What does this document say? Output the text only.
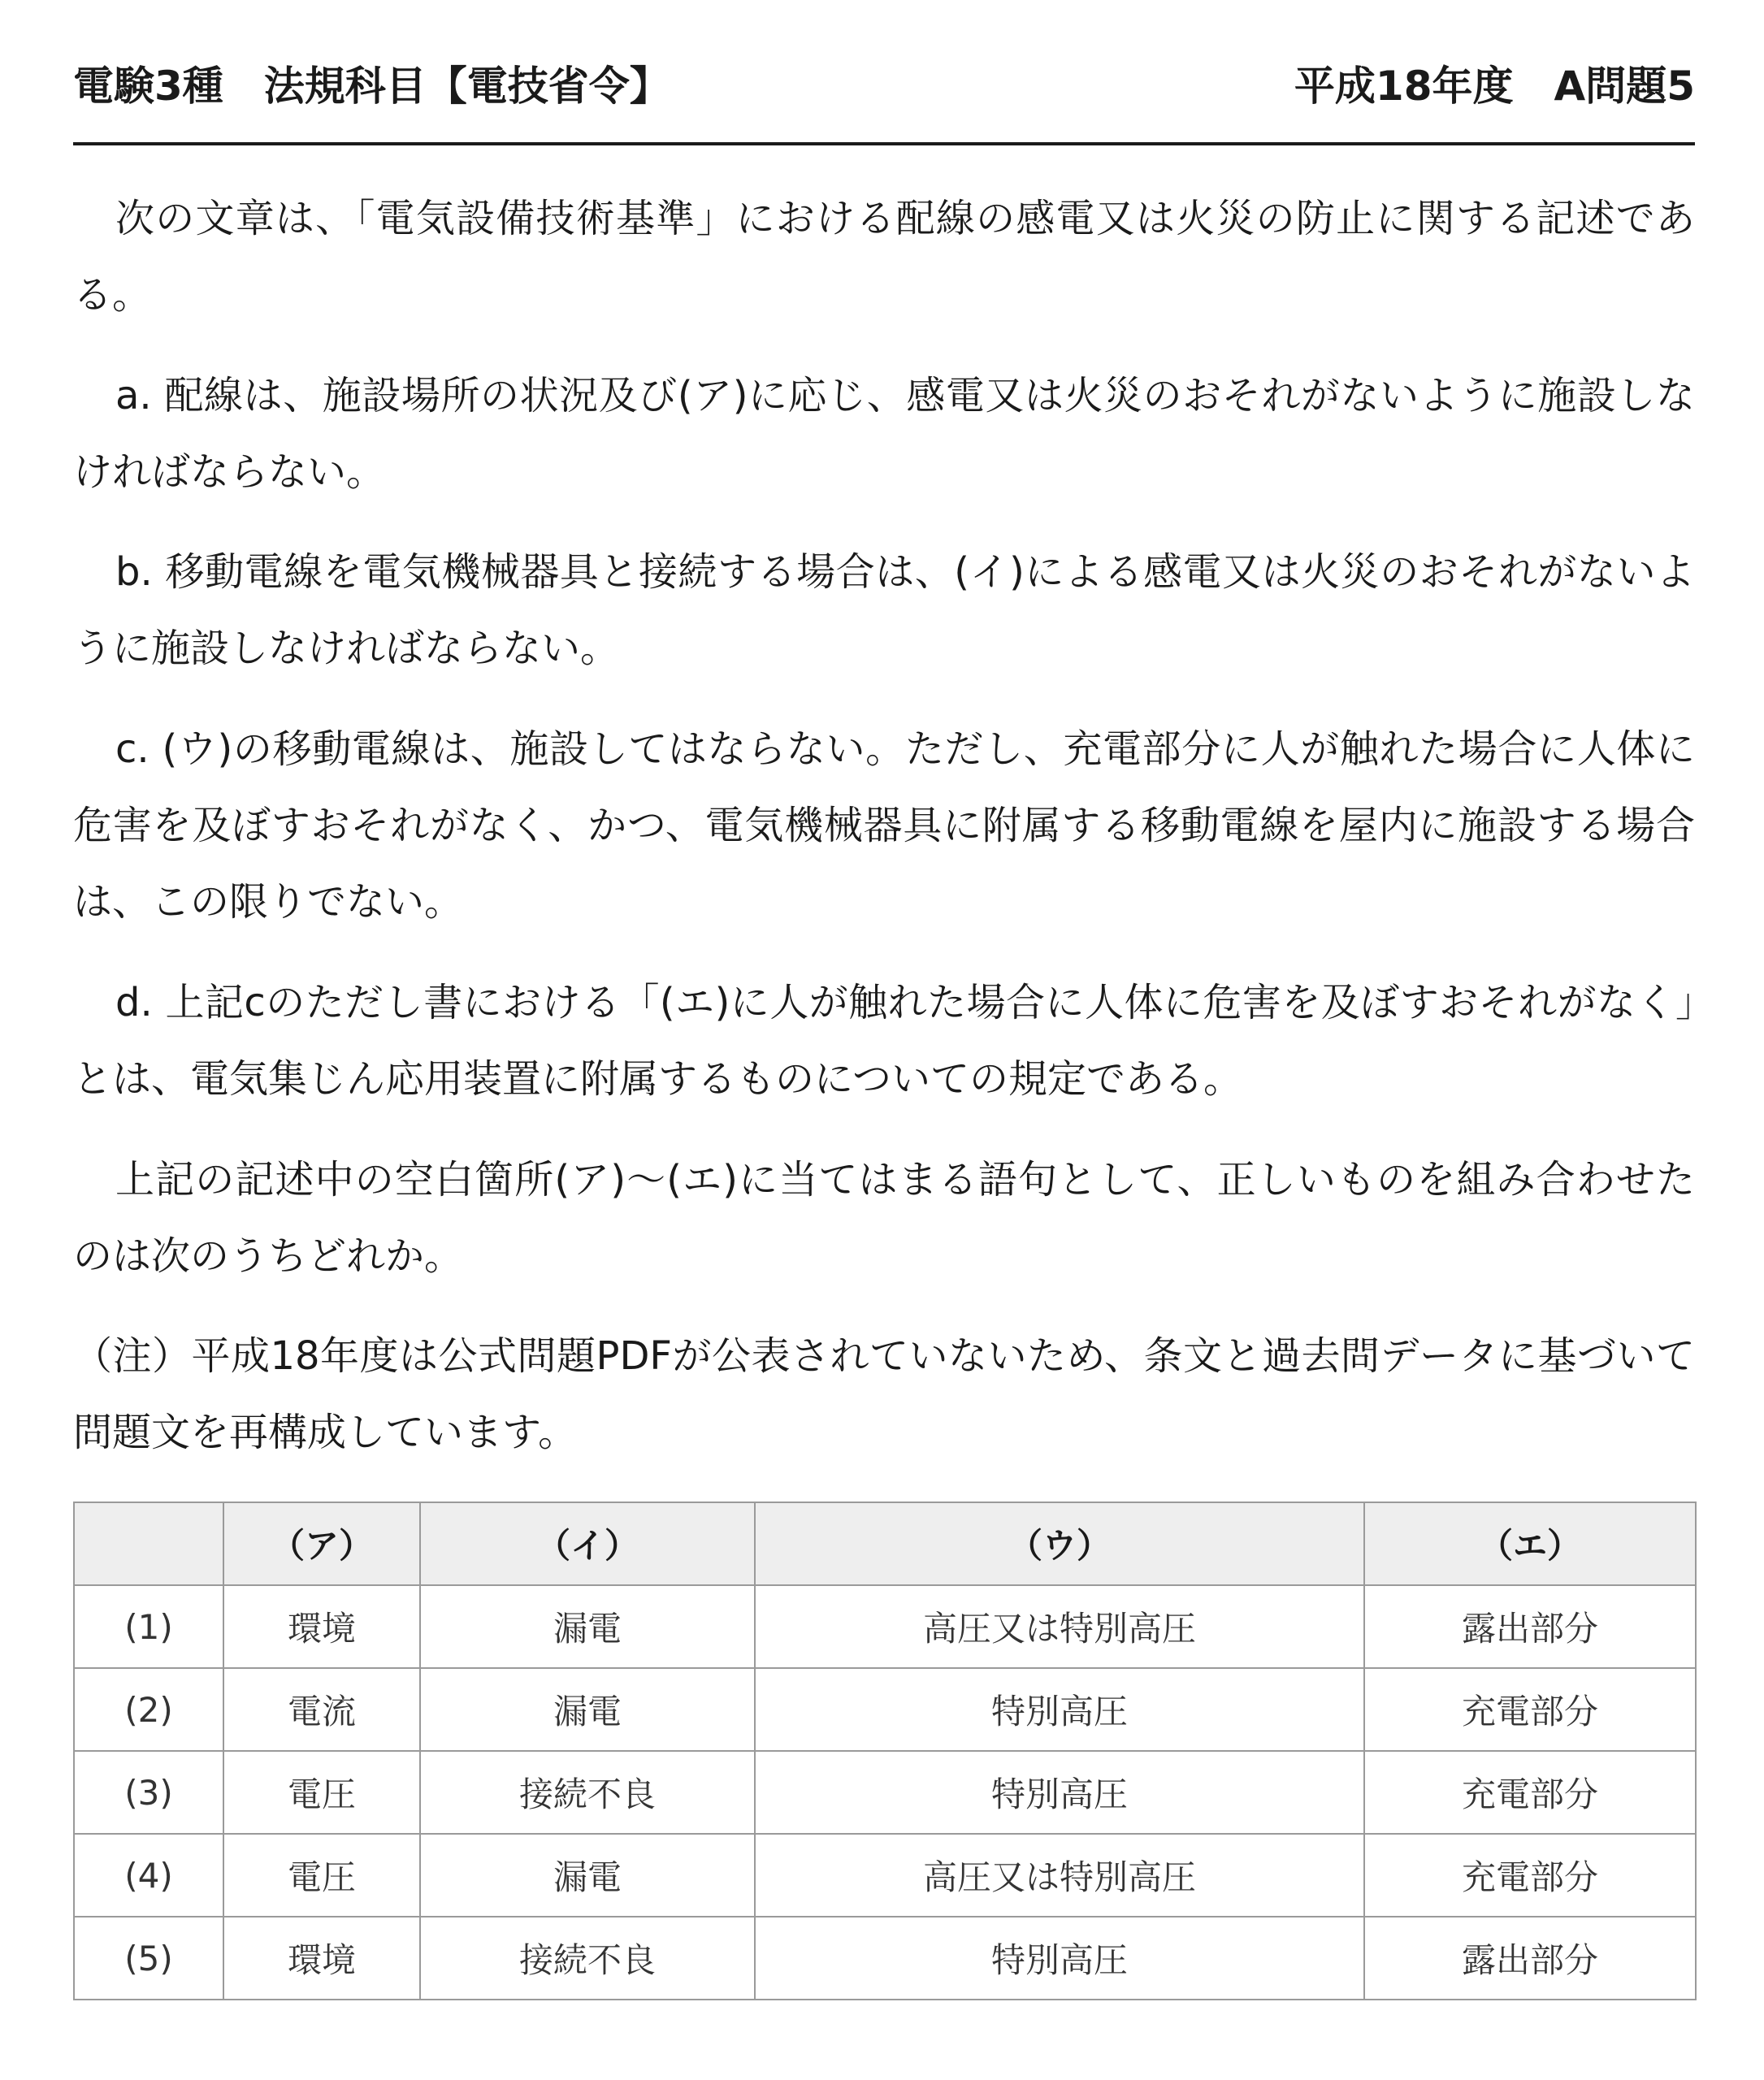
電験3種　法規科目【電技省令】	平成18年度　A問題5

次の文章は、「電気設備技術基準」における配線の感電又は火災の防止に関する記述である。

a. 配線は、施設場所の状況及び(ア)に応じ、感電又は火災のおそれがないように施設しなければならない。

b. 移動電線を電気機械器具と接続する場合は、(イ)による感電又は火災のおそれがないように施設しなければならない。

c. (ウ)の移動電線は、施設してはならない。ただし、充電部分に人が触れた場合に人体に危害を及ぼすおそれがなく、かつ、電気機械器具に附属する移動電線を屋内に施設する場合は、この限りでない。

d. 上記cのただし書における「(エ)に人が触れた場合に人体に危害を及ぼすおそれがなく」とは、電気集じん応用装置に附属するものについての規定である。

上記の記述中の空白箇所(ア)～(エ)に当てはまる語句として、正しいものを組み合わせたのは次のうちどれか。

（注）平成18年度は公式問題PDFが公表されていないため、条文と過去問データに基づいて問題文を再構成しています。

	（ア）	（イ）	（ウ）	（エ）
(1)	環境	漏電	高圧又は特別高圧	露出部分
(2)	電流	漏電	特別高圧	充電部分
(3)	電圧	接続不良	特別高圧	充電部分
(4)	電圧	漏電	高圧又は特別高圧	充電部分
(5)	環境	接続不良	特別高圧	露出部分
